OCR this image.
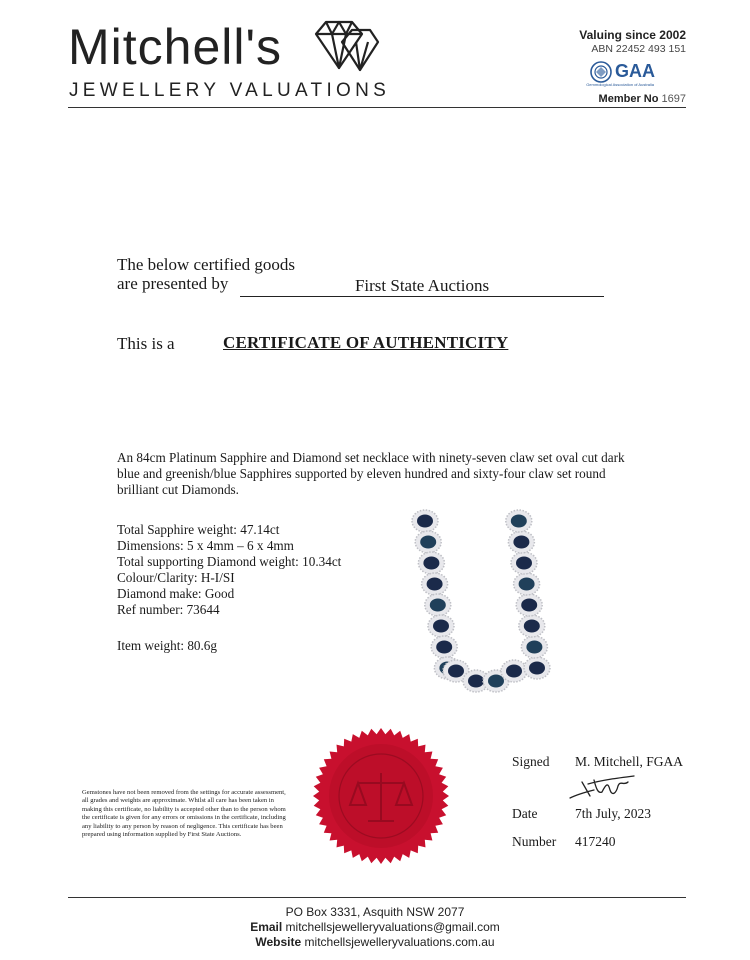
Mitchell's
JEWELLERY VALUATIONS
Valuing since 2002
ABN 22452 493 151
GAA
Gemmological Association of Australia
Member No 1697
The below certified goods
are presented by	First State Auctions
This is a	CERTIFICATE OF AUTHENTICITY
An 84cm Platinum Sapphire and Diamond set necklace with ninety-seven claw set oval cut dark blue and greenish/blue Sapphires supported by eleven hundred and sixty-four claw set round brilliant cut Diamonds.
Total Sapphire weight: 47.14ct
Dimensions: 5 x 4mm – 6 x 4mm
Total supporting Diamond weight: 10.34ct
Colour/Clarity: H-I/SI
Diamond make: Good
Ref number: 73644
Item weight: 80.6g
Gemstones have not been removed from the settings for accurate assessment, all grades and weights are approximate. Whilst all care has been taken in making this certificate, no liability is accepted other than to the person whom the certificate is given for any errors or omissions in the certificate, including any liability to any person by reason of negligence. This certificate has been prepared using information supplied by First State Auctions.
Signed M. Mitchell, FGAA
Date	7th July, 2023
Number 417240
PO Box 3331, Asquith NSW 2077
Email mitchellsjewelleryvaluations@gmail.com
Website mitchellsjewelleryvaluations.com.au
